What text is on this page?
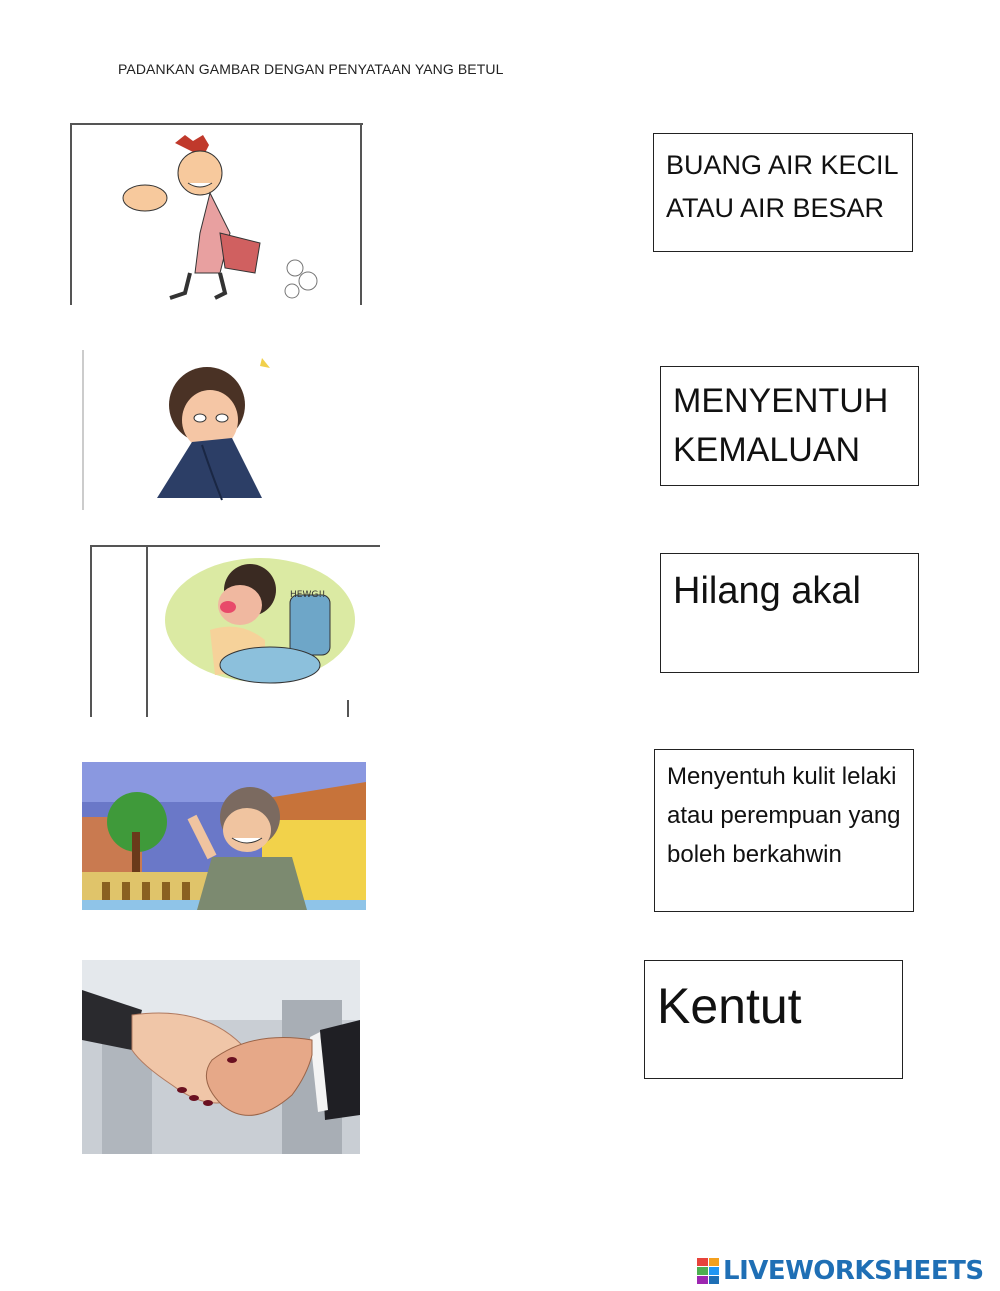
PADANKAN GAMBAR DENGAN PENYATAAN YANG BETUL
HEWG!!
BUANG AIR KECIL ATAU AIR BESAR
MENYENTUH KEMALUAN
Hilang akal
Menyentuh kulit lelaki atau perempuan yang boleh berkahwin
Kentut
LIVEWORKSHEETS
